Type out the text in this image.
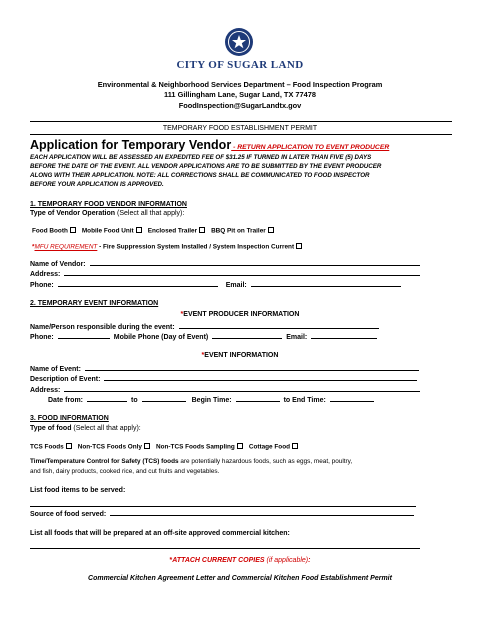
CITY OF SUGAR LAND
Environmental & Neighborhood Services Department – Food Inspection Program
111 Gillingham Lane, Sugar Land, TX 77478
FoodInspection@SugarLandtx.gov
TEMPORARY FOOD ESTABLISHMENT PERMIT
Application for Temporary Vendor - RETURN APPLICATION TO EVENT PRODUCER
EACH APPLICATION WILL BE ASSESSED AN EXPEDITED FEE OF $31.25 IF TURNED IN LATER THAN FIVE (5) DAYS
BEFORE THE DATE OF THE EVENT. ALL VENDOR APPLICATIONS ARE TO BE SUBMITTED BY THE EVENT PRODUCER
ALONG WITH THEIR APPLICATION. NOTE: ALL CORRECTIONS SHALL BE COMMUNICATED TO FOOD INSPECTOR
BEFORE YOUR APPLICATION IS APPROVED.
1. TEMPORARY FOOD VENDOR INFORMATION
Type of Vendor Operation (Select all that apply):
Food Booth Mobile Food Unit Enclosed Trailer BBQ Pit on Trailer
*MFU REQUIREMENT - Fire Suppression System Installed / System Inspection Current
Name of Vendor:
Address:
Phone:	Email:
2. TEMPORARY EVENT INFORMATION
*EVENT PRODUCER INFORMATION
Name/Person responsible during the event:
Phone:	Mobile Phone (Day of Event)	Email:
*EVENT INFORMATION
Name of Event:
Description of Event:
Address:
Date from:	to	Begin Time:	to End Time:
3. FOOD INFORMATION
Type of food (Select all that apply):
TCS Foods Non-TCS Foods Only Non-TCS Foods Sampling Cottage Food
Time/Temperature Control for Safety (TCS) foods are potentially hazardous foods, such as eggs, meat, poultry,
and fish, dairy products, cooked rice, and cut fruits and vegetables.
List food items to be served:
Source of food served:
List all foods that will be prepared at an off-site approved commercial kitchen:
*ATTACH CURRENT COPIES (if applicable):
Commercial Kitchen Agreement Letter and Commercial Kitchen Food Establishment Permit
